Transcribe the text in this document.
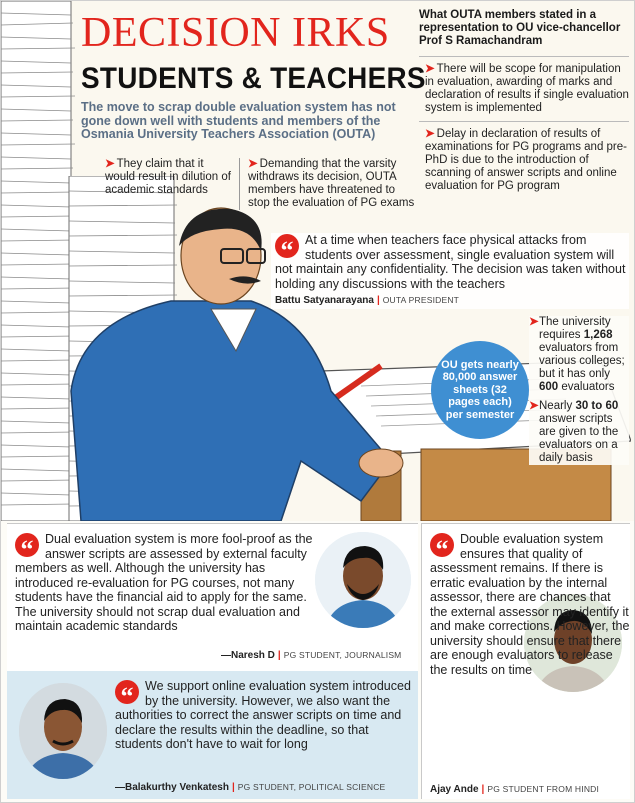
DECISION IRKS
STUDENTS & TEACHERS
The move to scrap double evaluation system has not gone down well with students and members of the Osmania University Teachers Association (OUTA)
➤ They claim that it would result in dilution of academic standards
➤ Demanding that the varsity withdraws its decision, OUTA members have threatened to stop the evaluation of PG exams
What OUTA members stated in a representation to OU vice-chancellor Prof S Ramachandram
➤ There will be scope for manipulation in evaluation, awarding of marks and declaration of results if single evaluation system is implemented
➤ Delay in declaration of results of examinations for PG programs and pre-PhD is due to the introduction of scanning of answer scripts and online evaluation for PG program
“ At a time when teachers face physical attacks from students over assessment, single evaluation system will not maintain any confidentiality. The decision was taken without holding any discussions with the teachers
Battu Satyanarayana | OUTA PRESIDENT
OU gets nearly 80,000 answer sheets (32 pages each) per semester
➤ The university requires 1,268 evaluators from various colleges; but it has only 600 evaluators
➤ Nearly 30 to 60 answer scripts are given to the evaluators on a daily basis
“ Dual evaluation system is more fool-proof as the answer scripts are assessed by external faculty members as well. Although the university has introduced re-evaluation for PG courses, not many students have the financial aid to apply for the same. The university should not scrap dual evaluation and maintain academic standards
—Naresh D | PG STUDENT, JOURNALISM
“ We support online evaluation system introduced by the university. However, we also want the authorities to correct the answer scripts on time and declare the results within the deadline, so that students don't have to wait for long
—Balakurthy Venkatesh | PG STUDENT, POLITICAL SCIENCE
“ Double evaluation system ensures that quality of assessment remains. If there is erratic evaluation by the internal assessor, there are chances that the external assessor may identify it and make corrections. However, the university should ensure that there are enough evaluators to release the results on time
Ajay Ande | PG STUDENT FROM HINDI
